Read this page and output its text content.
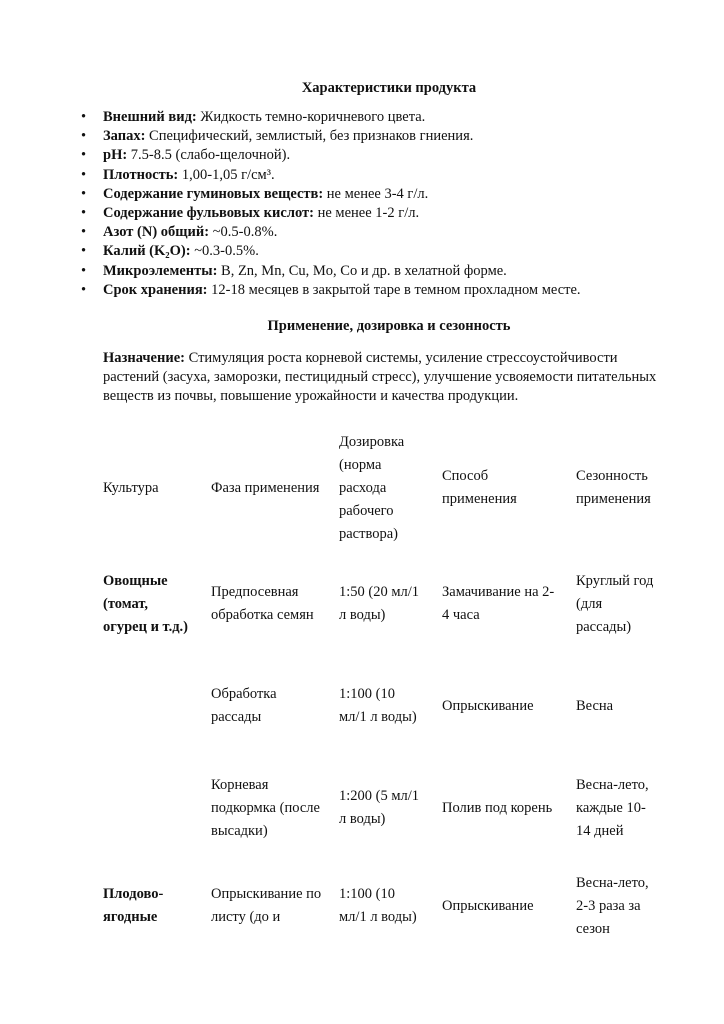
Характеристики продукта
• Внешний вид: Жидкость темно-коричневого цвета.
• Запах: Специфический, землистый, без признаков гниения.
• pH: 7.5-8.5 (слабо-щелочной).
• Плотность: 1,00-1,05 г/см³.
• Содержание гуминовых веществ: не менее 3-4 г/л.
• Содержание фульвовых кислот: не менее 1-2 г/л.
• Азот (N) общий: ~0.5-0.8%.
• Калий (K₂O): ~0.3-0.5%.
• Микроэлементы: B, Zn, Mn, Cu, Mo, Co и др. в хелатной форме.
• Срок хранения: 12-18 месяцев в закрытой таре в темном прохладном месте.
Применение, дозировка и сезонность
Назначение: Стимуляция роста корневой системы, усиление стрессоустойчивости растений (засуха, заморозки, пестицидный стресс), улучшение усвояемости питательных веществ из почвы, повышение урожайности и качества продукции.
Культура	Фаза применения	Дозировка (норма расхода рабочего раствора)	Способ применения	Сезонность применения
Овощные (томат, огурец и т.д.)	Предпосевная обработка семян	1:50 (20 мл/1 л воды)	Замачивание на 2-4 часа	Круглый год (для рассады)
	Обработка рассады	1:100 (10 мл/1 л воды)	Опрыскивание	Весна
	Корневая подкормка (после высадки)	1:200 (5 мл/1 л воды)	Полив под корень	Весна-лето, каждые 10-14 дней
Плодово-ягодные	Опрыскивание по листу (до и	1:100 (10 мл/1 л воды)	Опрыскивание	Весна-лето, 2-3 раза за сезон
